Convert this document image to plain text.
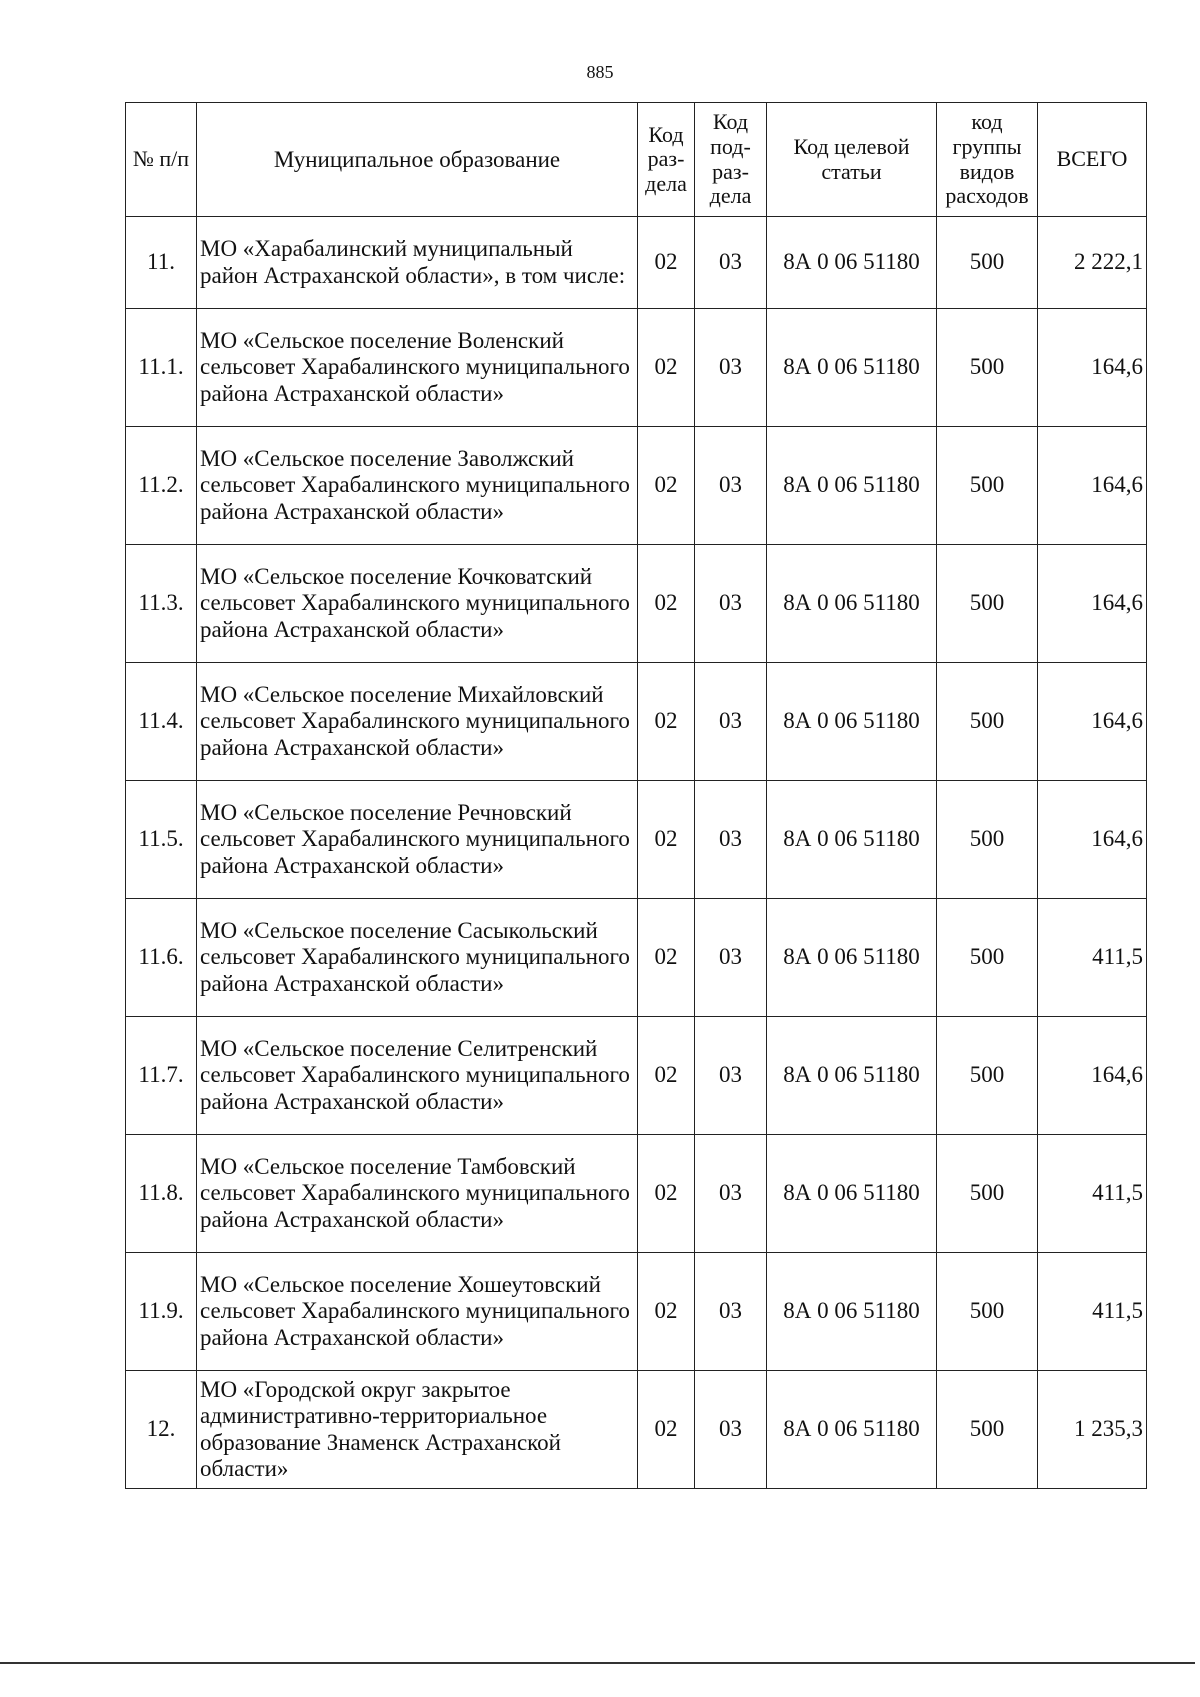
885
№ п/п	Муниципальное образование	Код раз-дела	Код под-раз-дела	Код целевой статьи	код группы видов расходов	ВСЕГО
11.	МО «Харабалинский муниципальный район Астраханской области», в том числе:	02	03	8А 0 06 51180	500	2 222,1
11.1.	МО «Сельское поселение Воленский сельсовет Харабалинского муниципального района Астраханской области»	02	03	8А 0 06 51180	500	164,6
11.2.	МО «Сельское поселение Заволжский сельсовет Харабалинского муниципального района Астраханской области»	02	03	8А 0 06 51180	500	164,6
11.3.	МО «Сельское поселение Кочковатский сельсовет Харабалинского муниципального района Астраханской области»	02	03	8А 0 06 51180	500	164,6
11.4.	МО «Сельское поселение Михайловский сельсовет Харабалинского муниципального района Астраханской области»	02	03	8А 0 06 51180	500	164,6
11.5.	МО «Сельское поселение Речновский сельсовет Харабалинского муниципального района Астраханской области»	02	03	8А 0 06 51180	500	164,6
11.6.	МО «Сельское поселение Сасыкольский сельсовет Харабалинского муниципального района Астраханской области»	02	03	8А 0 06 51180	500	411,5
11.7.	МО «Сельское поселение Селитренский сельсовет Харабалинского муниципального района Астраханской области»	02	03	8А 0 06 51180	500	164,6
11.8.	МО «Сельское поселение Тамбовский сельсовет Харабалинского муниципального района Астраханской области»	02	03	8А 0 06 51180	500	411,5
11.9.	МО «Сельское поселение Хошеутовский сельсовет Харабалинского муниципального района Астраханской области»	02	03	8А 0 06 51180	500	411,5
12.	МО «Городской округ закрытое административно-территориальное образование Знаменск Астраханской области»	02	03	8А 0 06 51180	500	1 235,3
